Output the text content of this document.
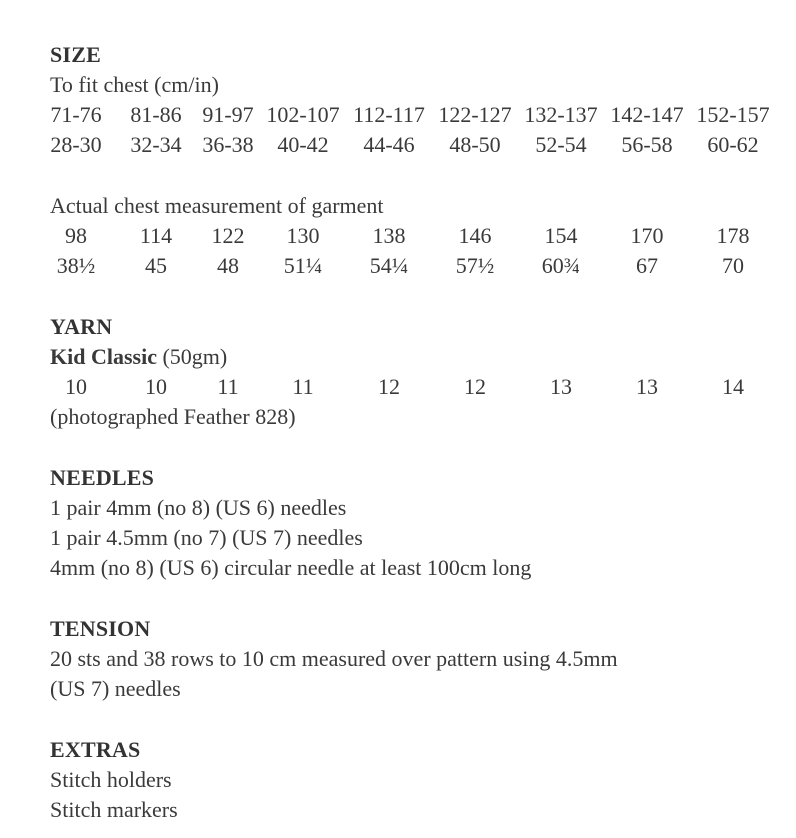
SIZE
To fit chest (cm/in)
71-76	81-86 91-97 102-107 112-117 122-127 132-137 142-147 152-157
28-30	32-34 36-38	40-42	44-46	48-50	52-54	56-58	60-62
Actual chest measurement of garment
98	114	122	130	138	146	154	170	178
38½	45	48	51¼	54¼	57½	60¾	67	70
YARN
Kid Classic (50gm)
10	10	11	11	12	12	13	13	14
(photographed Feather 828)
NEEDLES
1 pair 4mm (no 8) (US 6) needles
1 pair 4.5mm (no 7) (US 7) needles
4mm (no 8) (US 6) circular needle at least 100cm long
TENSION
20 sts and 38 rows to 10 cm measured over pattern using 4.5mm
(US 7) needles
EXTRAS
Stitch holders
Stitch markers
